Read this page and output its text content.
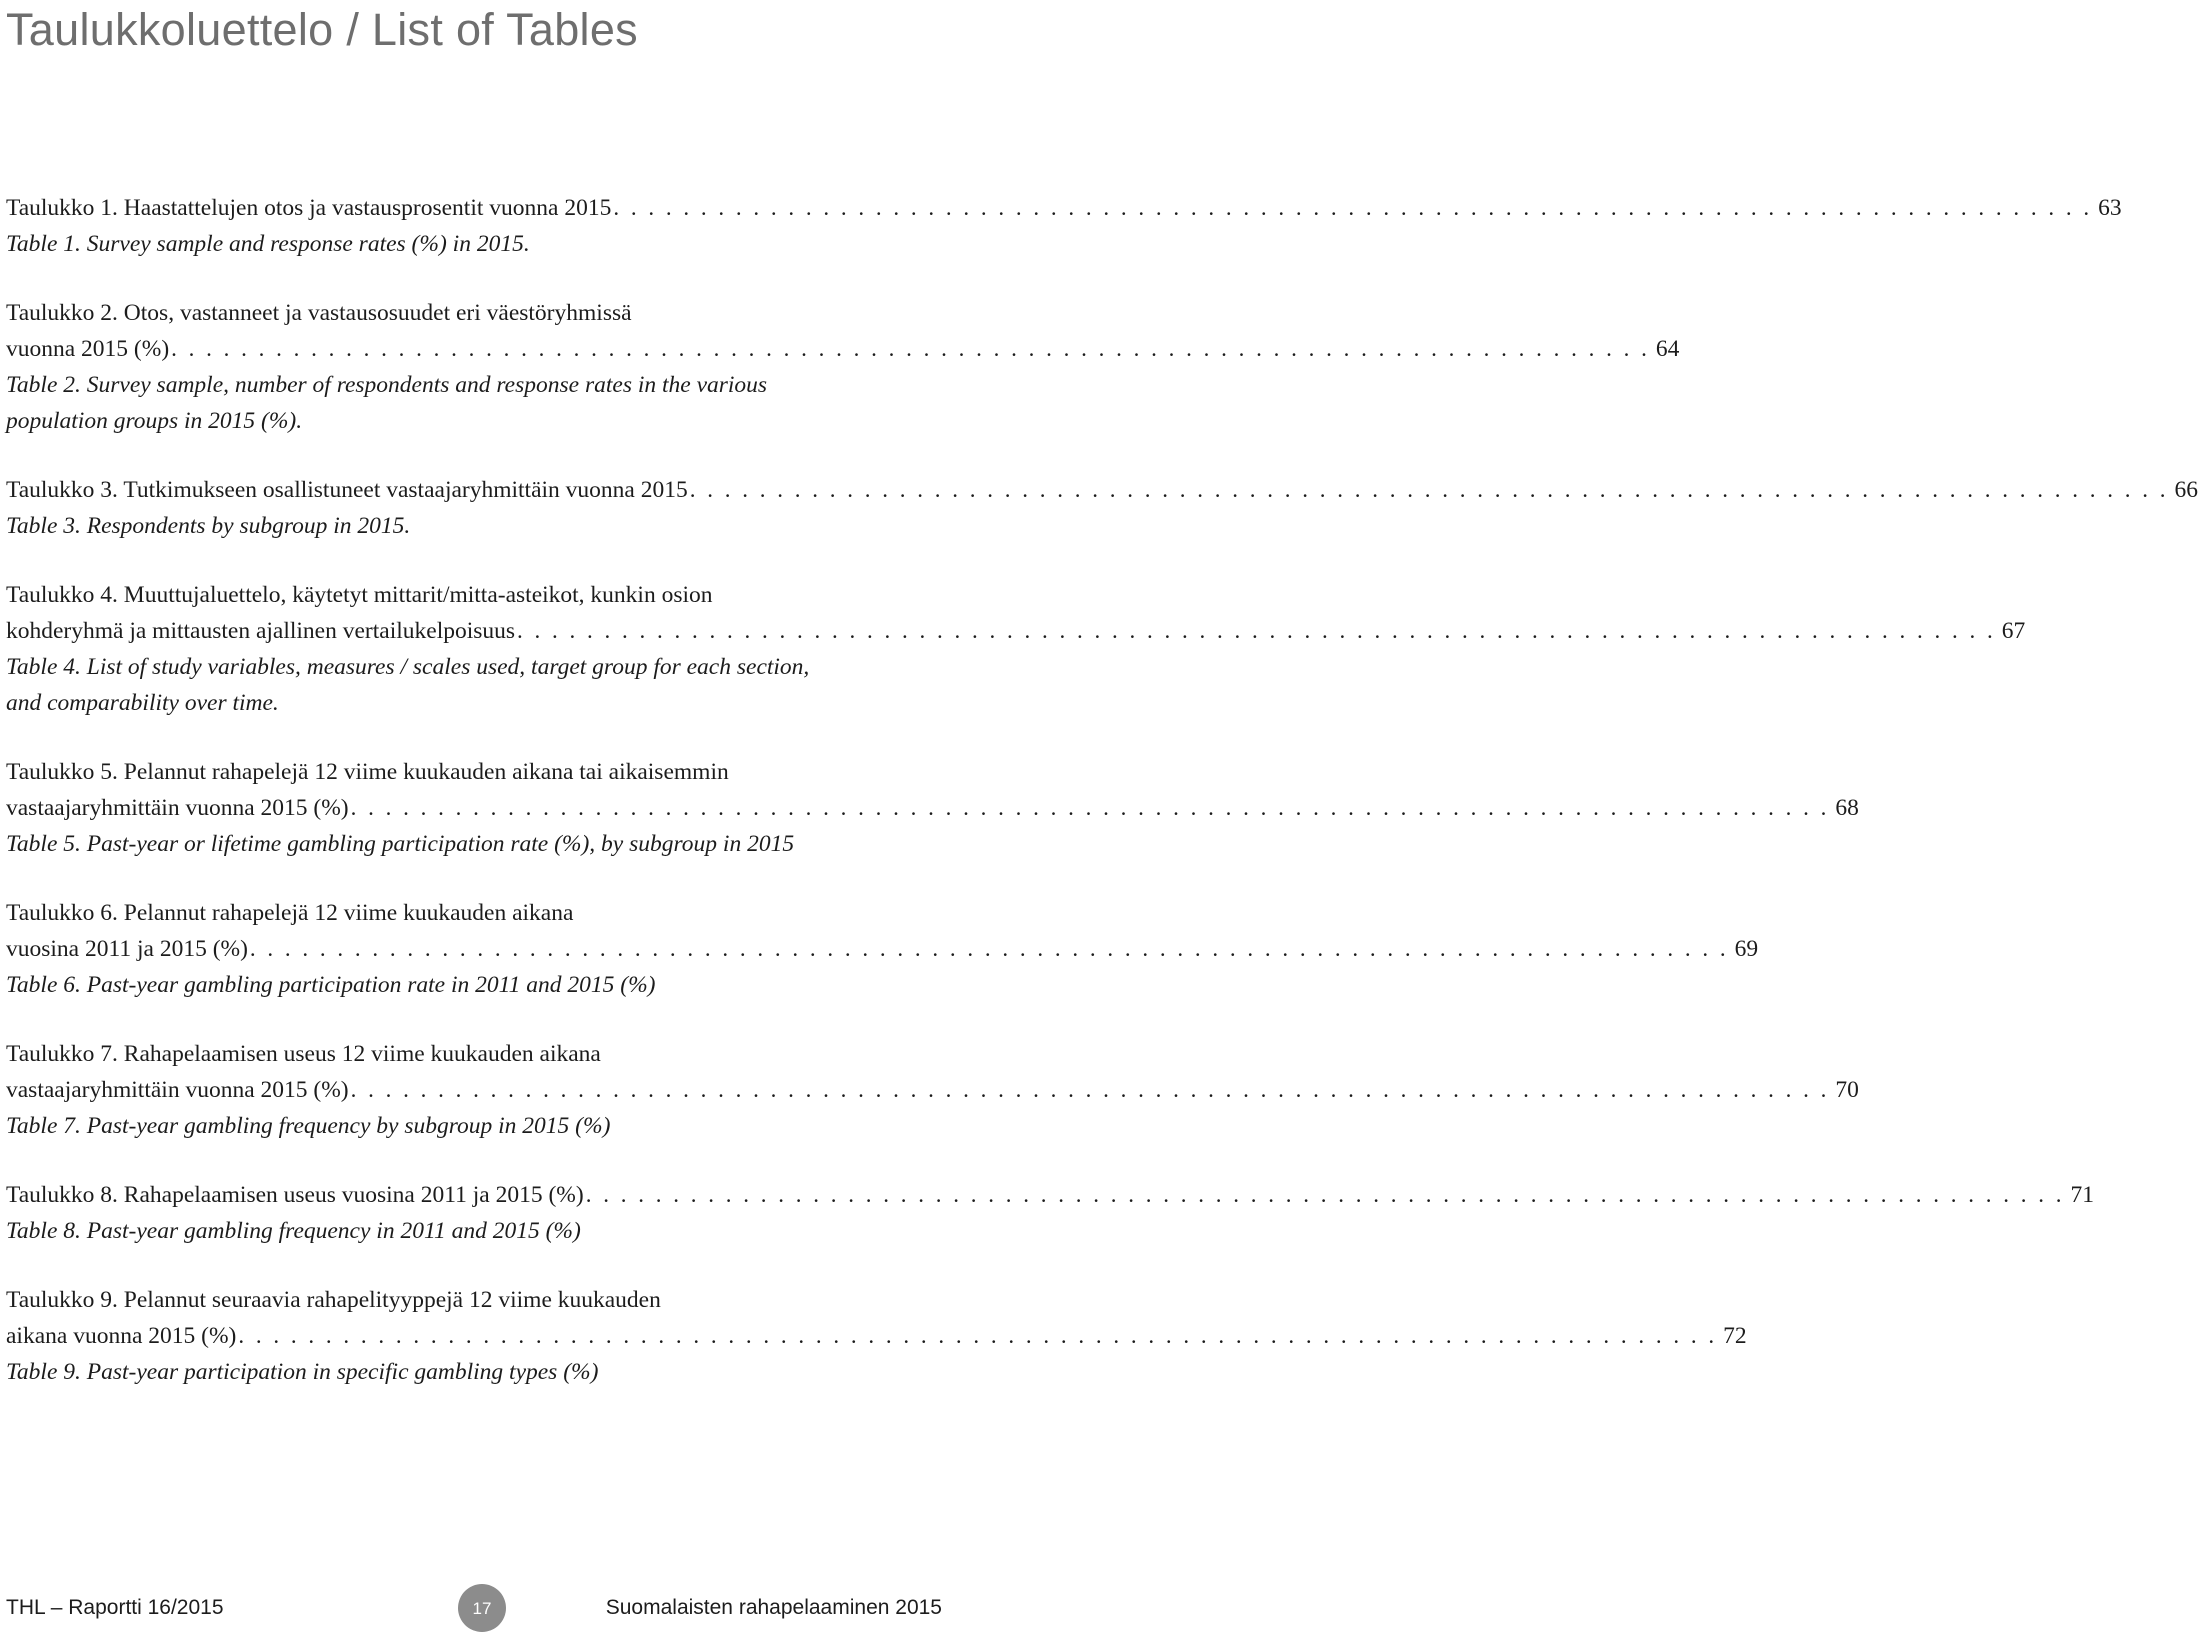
Taulukkoluettelo / List of Tables
Taulukko 1. Haastattelujen otos ja vastausprosentit vuonna 2015 . . . . . . . . . . . . . . . . . . . . . . . . . . . . . . . . . . . . . . . . . . . . . . . . . . . . . . . . . . . . . . . . . . . . . . . . . . . . . . . . . . . . . 63
Table 1. Survey sample and response rates (%) in 2015.
Taulukko 2. Otos, vastanneet ja vastausosuudet eri väestöryhmissä
vuonna 2015 (%) . . . . . . . . . . . . . . . . . . . . . . . . . . . . . . . . . . . . . . . . . . . . . . . . . . . . . . . . . . . . . . . . . . . . . . . . . . . . . . . . . . . . . 64
Table 2. Survey sample, number of respondents and response rates in the various
population groups in 2015 (%).
Taulukko 3. Tutkimukseen osallistuneet vastaajaryhmittäin vuonna 2015 . . . . . . . . . . . . . . . . . . . . . . . . . . . . . . . . . . . . . . . . . . . . . . . . . . . . . . . . . . . . . . . . . . . . . . . . . . . . . . . . . . . . . 66
Table 3. Respondents by subgroup in 2015.
Taulukko 4. Muuttujaluettelo, käytetyt mittarit/mitta-asteikot, kunkin osion
kohderyhmä ja mittausten ajallinen vertailukelpoisuus . . . . . . . . . . . . . . . . . . . . . . . . . . . . . . . . . . . . . . . . . . . . . . . . . . . . . . . . . . . . . . . . . . . . . . . . . . . . . . . . . . . . . 67
Table 4. List of study variables, measures / scales used, target group for each section,
and comparability over time.
Taulukko 5. Pelannut rahapelejä 12 viime kuukauden aikana tai aikaisemmin
vastaajaryhmittäin vuonna 2015 (%) . . . . . . . . . . . . . . . . . . . . . . . . . . . . . . . . . . . . . . . . . . . . . . . . . . . . . . . . . . . . . . . . . . . . . . . . . . . . . . . . . . . . . 68
Table 5. Past-year or lifetime gambling participation rate (%), by subgroup in 2015
Taulukko 6. Pelannut rahapelejä 12 viime kuukauden aikana
vuosina 2011 ja 2015 (%) . . . . . . . . . . . . . . . . . . . . . . . . . . . . . . . . . . . . . . . . . . . . . . . . . . . . . . . . . . . . . . . . . . . . . . . . . . . . . . . . . . . . . 69
Table 6. Past-year gambling participation rate in 2011 and 2015 (%)
Taulukko 7. Rahapelaamisen useus 12 viime kuukauden aikana
vastaajaryhmittäin vuonna 2015 (%) . . . . . . . . . . . . . . . . . . . . . . . . . . . . . . . . . . . . . . . . . . . . . . . . . . . . . . . . . . . . . . . . . . . . . . . . . . . . . . . . . . . . . 70
Table 7. Past-year gambling frequency by subgroup in 2015 (%)
Taulukko 8. Rahapelaamisen useus vuosina 2011 ja 2015 (%) . . . . . . . . . . . . . . . . . . . . . . . . . . . . . . . . . . . . . . . . . . . . . . . . . . . . . . . . . . . . . . . . . . . . . . . . . . . . . . . . . . . . . 71
Table 8. Past-year gambling frequency in 2011 and 2015 (%)
Taulukko 9. Pelannut seuraavia rahapelityyppejä 12 viime kuukauden
aikana vuonna 2015 (%) . . . . . . . . . . . . . . . . . . . . . . . . . . . . . . . . . . . . . . . . . . . . . . . . . . . . . . . . . . . . . . . . . . . . . . . . . . . . . . . . . . . . . 72
Table 9. Past-year participation in specific gambling types (%)
THL – Raportti 16/2015	17	Suomalaisten rahapelaaminen 2015
